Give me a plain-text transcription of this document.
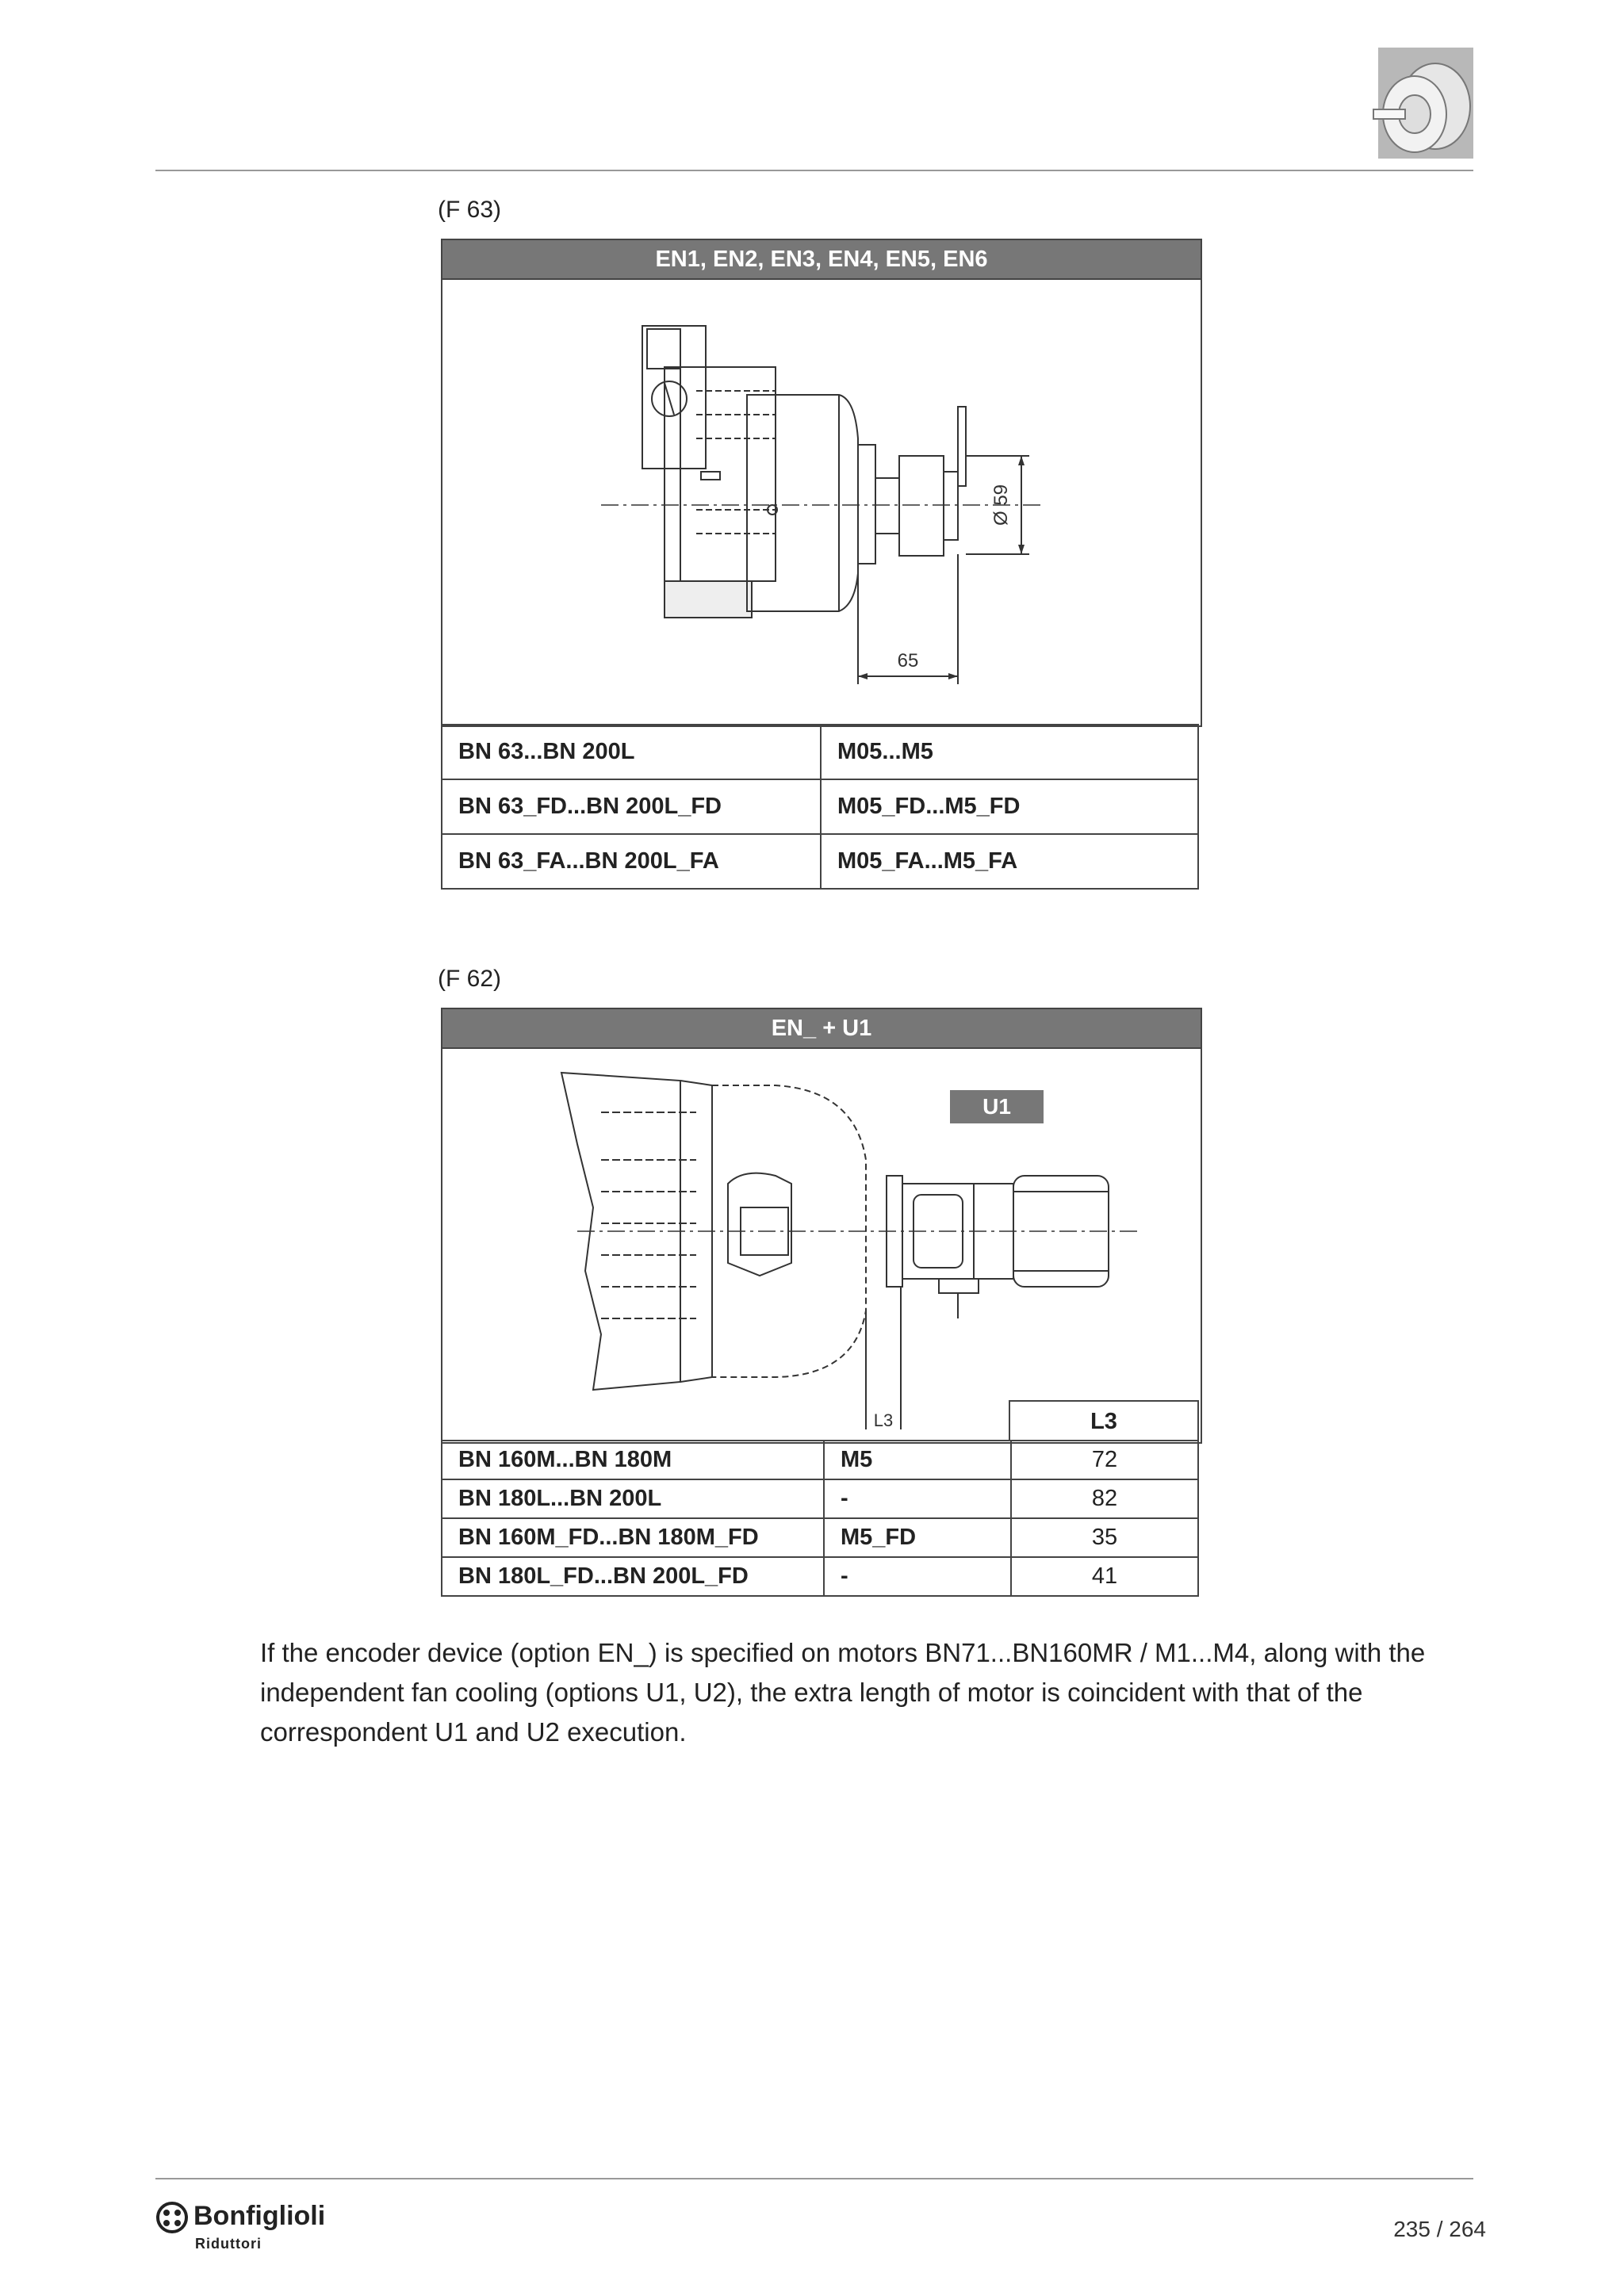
(F 63)
EN1, EN2, EN3, EN4, EN5, EN6
Ø 59
65
BN 63...BN 200L	M05...M5
BN 63_FD...BN 200L_FD	M05_FD...M5_FD
BN 63_FA...BN 200L_FA	M05_FA...M5_FA
(F 62)
EN_ + U1
U1
L3	L3
BN 160M...BN 180M	M5	72
BN 180L...BN 200L	-	82
BN 160M_FD...BN 180M_FD	M5_FD	35
BN 180L_FD...BN 200L_FD	-	41
If the encoder device (option EN_) is specified on motors BN71...BN160MR / M1...M4, along with the independent fan cooling (options U1, U2), the extra length of motor is coincident with that of the correspondent U1 and U2 execution.
Bonfiglioli
Riduttori
235 / 264
